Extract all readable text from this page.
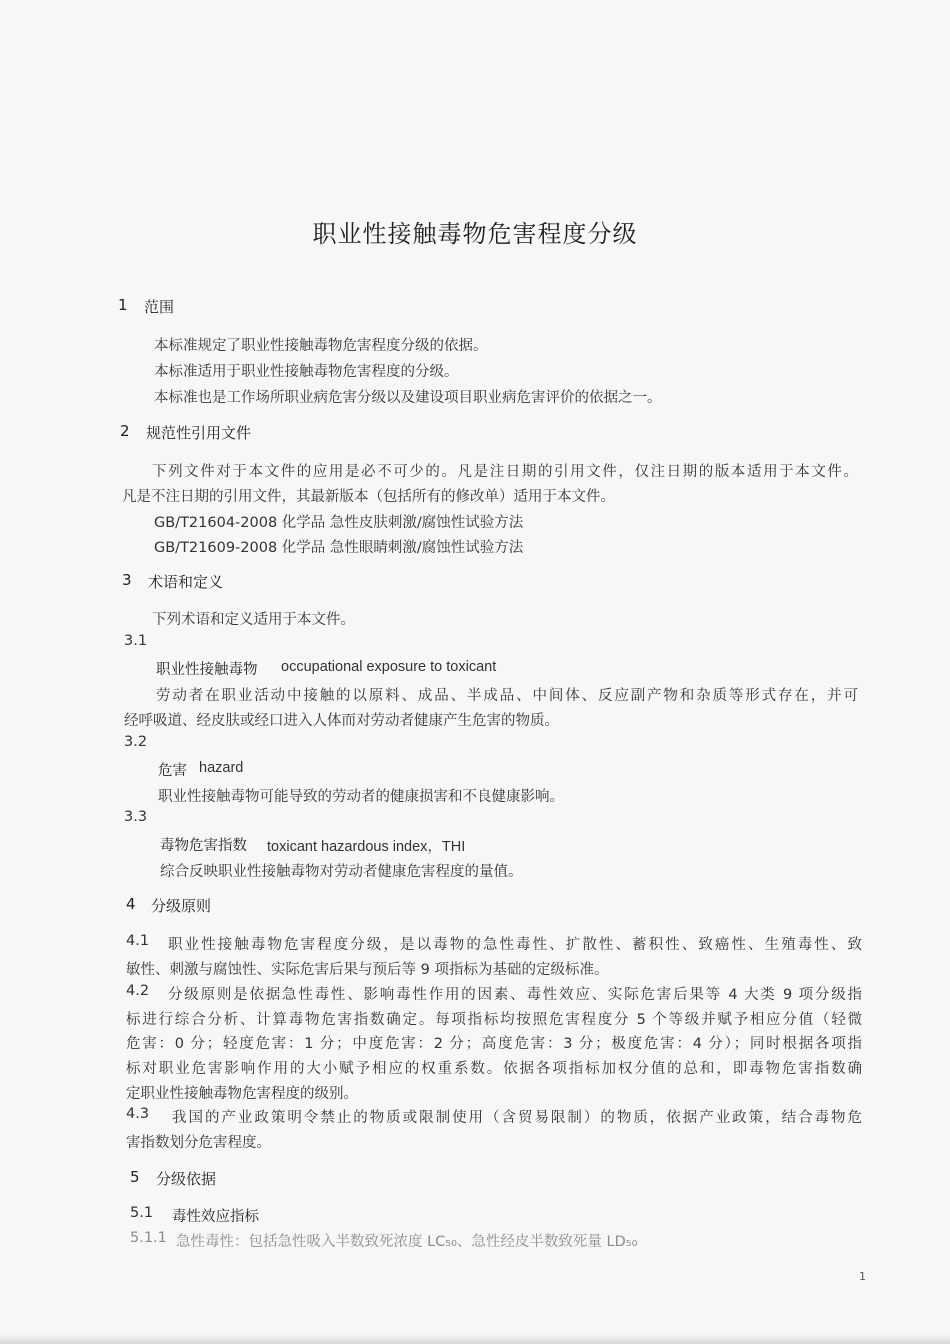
职业性接触毒物危害程度分级
1 范围
本标准规定了职业性接触毒物危害程度分级的依据。
本标准适用于职业性接触毒物危害程度的分级。
本标准也是工作场所职业病危害分级以及建设项目职业病危害评价的依据之一。
2 规范性引用文件
下列文件对于本文件的应用是必不可少的。凡是注日期的引用文件，仅注日期的版本适用于本文件。
凡是不注日期的引用文件，其最新版本（包括所有的修改单）适用于本文件。
GB/T21604-2008 化学品 急性皮肤刺激/腐蚀性试验方法
GB/T21609-2008 化学品 急性眼睛刺激/腐蚀性试验方法
3 术语和定义
下列术语和定义适用于本文件。
3.1
职业性接触毒物 occupational exposure to toxicant
劳动者在职业活动中接触的以原料、成品、半成品、中间体、反应副产物和杂质等形式存在，并可
经呼吸道、经皮肤或经口进入人体而对劳动者健康产生危害的物质。
3.2
危害 hazard
职业性接触毒物可能导致的劳动者的健康损害和不良健康影响。
3.3
毒物危害指数 toxicant hazardous index，THI
综合反映职业性接触毒物对劳动者健康危害程度的量值。
4 分级原则
4.1 职业性接触毒物危害程度分级，是以毒物的急性毒性、扩散性、蓄积性、致癌性、生殖毒性、致
敏性、刺激与腐蚀性、实际危害后果与预后等 9 项指标为基础的定级标准。
4.2 分级原则是依据急性毒性、影响毒性作用的因素、毒性效应、实际危害后果等 4 大类 9 项分级指
标进行综合分析、计算毒物危害指数确定。每项指标均按照危害程度分 5 个等级并赋予相应分值（轻微
危害：0 分；轻度危害：1 分；中度危害：2 分；高度危害：3 分；极度危害：4 分）；同时根据各项指
标对职业危害影响作用的大小赋予相应的权重系数。依据各项指标加权分值的总和，即毒物危害指数确
定职业性接触毒物危害程度的级别。
4.3 我国的产业政策明令禁止的物质或限制使用（含贸易限制）的物质，依据产业政策，结合毒物危
害指数划分危害程度。
5 分级依据
5.1 毒性效应指标
5.1.1 急性毒性：包括急性吸入半数致死浓度 LC₅₀、急性经皮半数致死量 LD₅₀
1
